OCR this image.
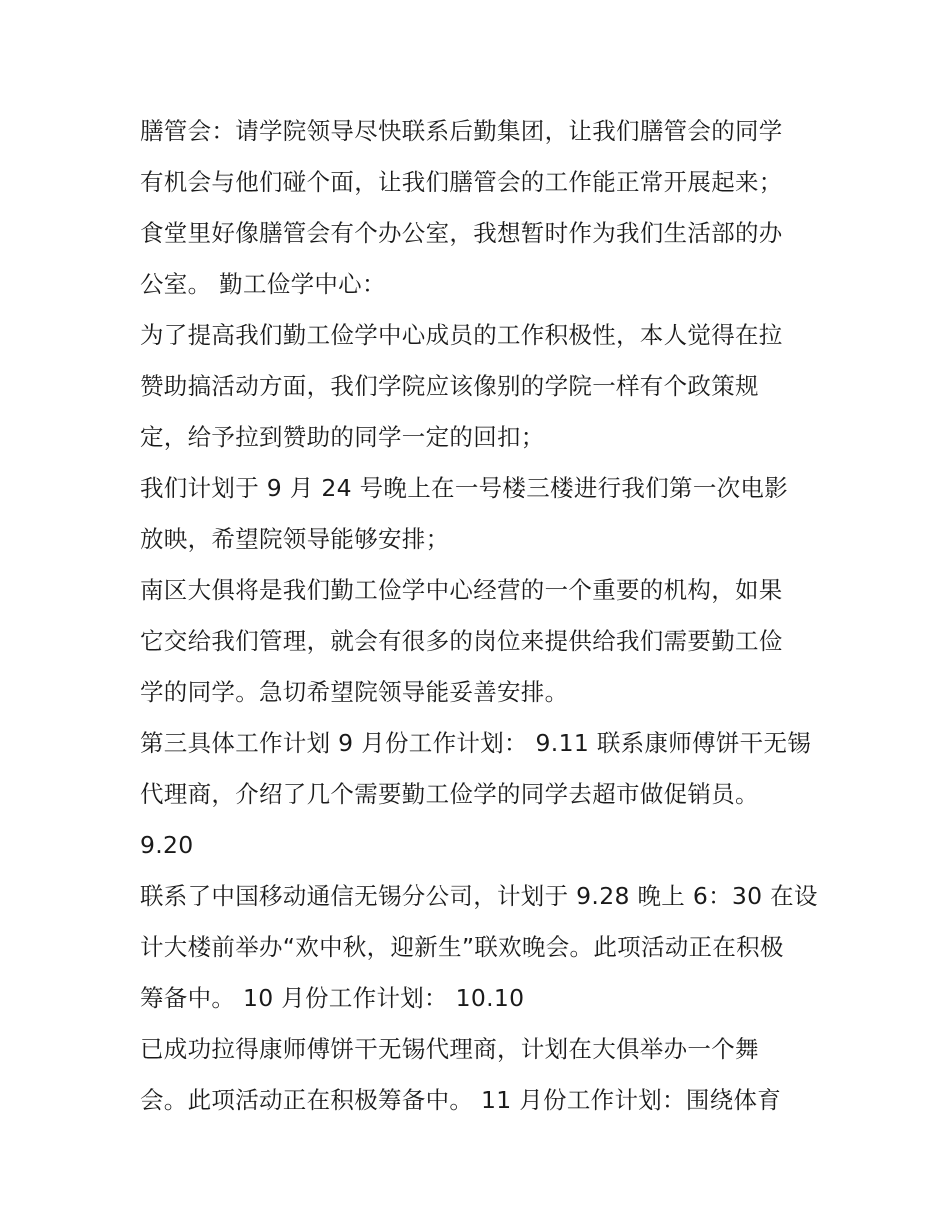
膳管会：请学院领导尽快联系后勤集团，让我们膳管会的同学
有机会与他们碰个面，让我们膳管会的工作能正常开展起来；
食堂里好像膳管会有个办公室，我想暂时作为我们生活部的办
公室。 勤工俭学中心：
为了提高我们勤工俭学中心成员的工作积极性，本人觉得在拉
赞助搞活动方面，我们学院应该像别的学院一样有个政策规
定，给予拉到赞助的同学一定的回扣；
我们计划于 9 月 24 号晚上在一号楼三楼进行我们第一次电影
放映，希望院领导能够安排；
南区大俱将是我们勤工俭学中心经营的一个重要的机构，如果
它交给我们管理，就会有很多的岗位来提供给我们需要勤工俭
学的同学。急切希望院领导能妥善安排。
第三具体工作计划 9 月份工作计划： 9.11 联系康师傅饼干无锡
代理商，介绍了几个需要勤工俭学的同学去超市做促销员。
9.20
联系了中国移动通信无锡分公司，计划于 9.28 晚上 6：30 在设
计大楼前举办“欢中秋，迎新生”联欢晚会。此项活动正在积极
筹备中。 10 月份工作计划： 10.10
已成功拉得康师傅饼干无锡代理商，计划在大俱举办一个舞
会。此项活动正在积极筹备中。 11 月份工作计划：围绕体育
